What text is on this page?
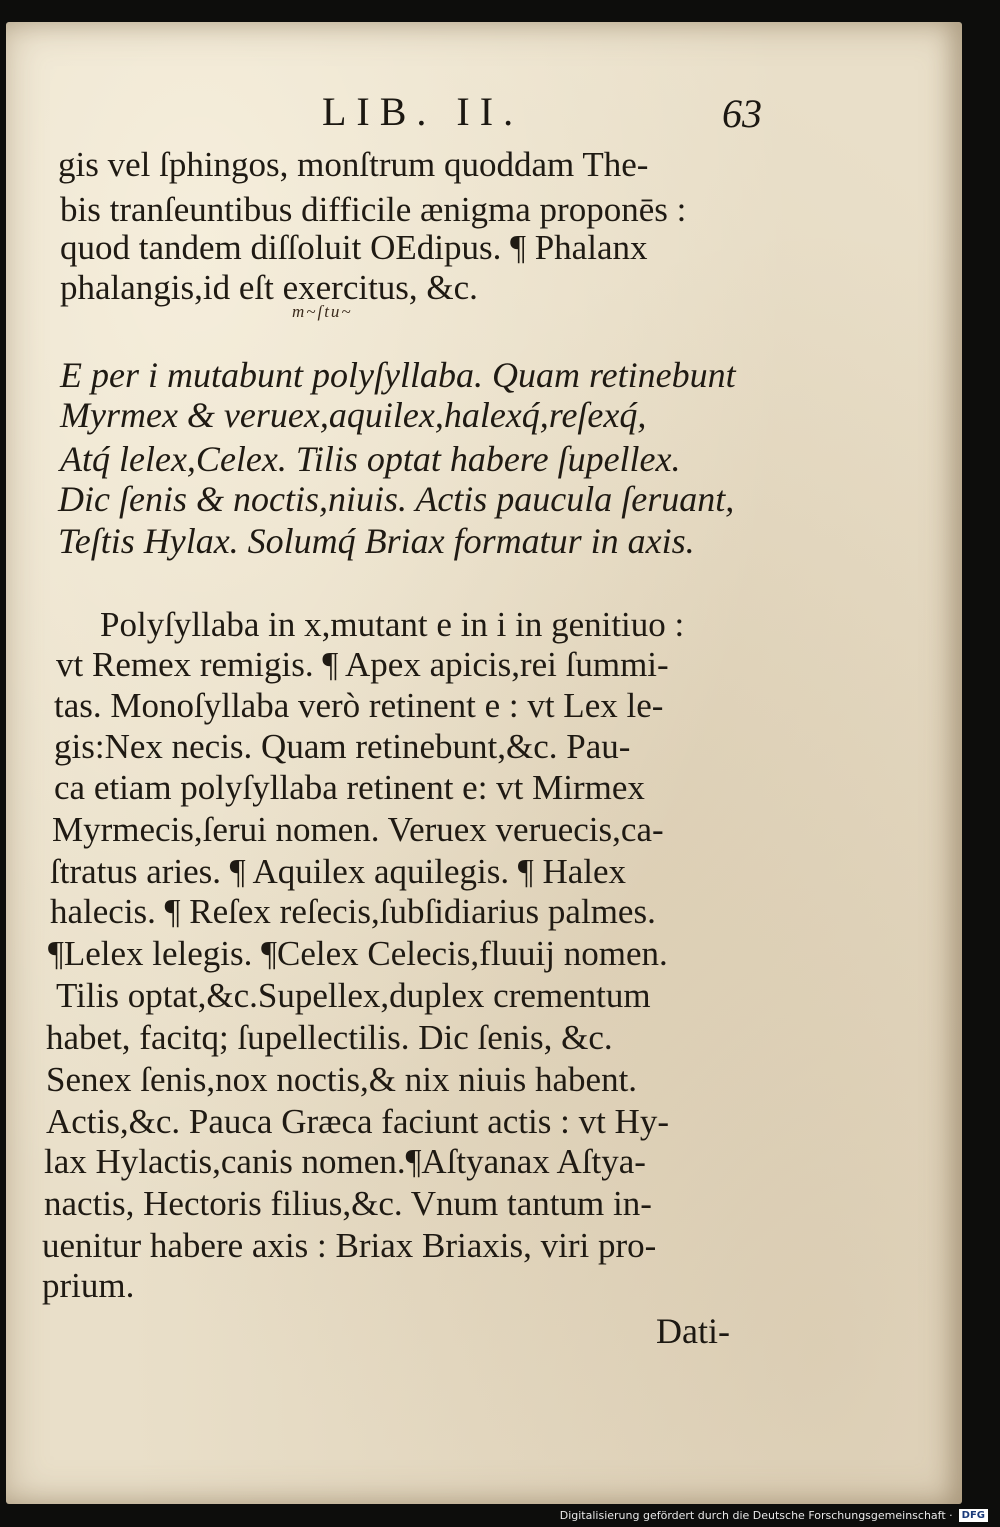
LIB. II.	63
gis vel ſphingos, monſtrum quoddam The-
bis tranſeuntibus difficile ænigma proponēs :
quod tandem diſſoluit OEdipus. ¶ Phalanx
phalangis,id eſt exercitus, &c.
m~ſtu~
E per i mutabunt polyſyllaba. Quam retinebunt
Myrmex & veruex,aquilex,halexq́,reſexq́,
Atq́ lelex,Celex. Tilis optat habere ſupellex.
Dic ſenis & noctis,niuis. Actis paucula ſeruant,
Teſtis Hylax. Solumq́ Briax formatur in axis.
Polyſyllaba in x,mutant e in i in genitiuo :
vt Remex remigis. ¶ Apex apicis,rei ſummi-
tas. Monoſyllaba verò retinent e : vt Lex le-
gis:Nex necis. Quam retinebunt,&c. Pau-
ca etiam polyſyllaba retinent e: vt Mirmex
Myrmecis,ſerui nomen. Veruex veruecis,ca-
ſtratus aries. ¶ Aquilex aquilegis. ¶ Halex
halecis. ¶ Reſex reſecis,ſubſidiarius palmes.
¶Lelex lelegis. ¶Celex Celecis,fluuij nomen.
Tilis optat,&c.Supellex,duplex crementum
habet, facitq; ſupellectilis. Dic ſenis, &c.
Senex ſenis,nox noctis,& nix niuis habent.
Actis,&c. Pauca Græca faciunt actis : vt Hy-
lax Hylactis,canis nomen.¶Aſtyanax Aſtya-
nactis, Hectoris filius,&c. Vnum tantum in-
uenitur habere axis : Briax Briaxis, viri pro-
prium.
Dati-
Digitalisierung gefördert durch die Deutsche Forschungsgemeinschaft · DFG
